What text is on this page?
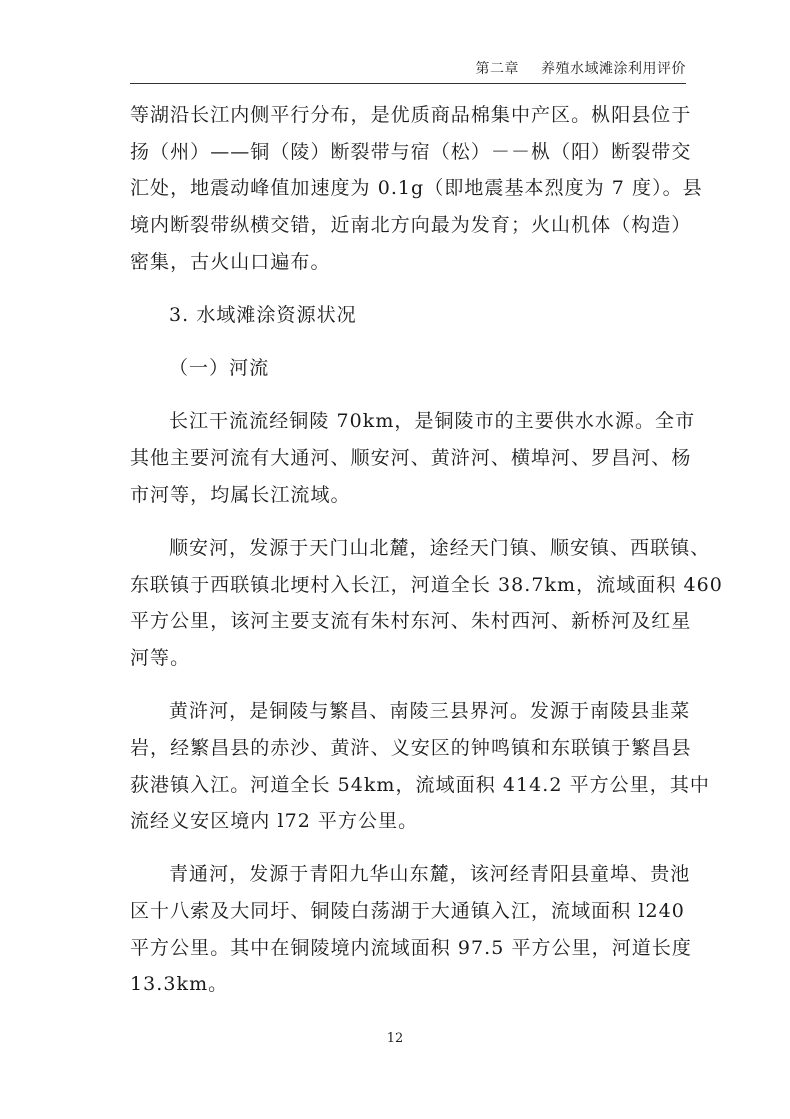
第二章 养殖水域滩涂利用评价
等湖沿长江内侧平行分布，是优质商品棉集中产区。枞阳县位于
扬（州）——铜（陵）断裂带与宿（松）－－枞（阳）断裂带交
汇处，地震动峰值加速度为 0.1g（即地震基本烈度为 7 度）。县
境内断裂带纵横交错，近南北方向最为发育；火山机体（构造）
密集，古火山口遍布。
3. 水域滩涂资源状况
（一）河流
长江干流流经铜陵 70km，是铜陵市的主要供水水源。全市
其他主要河流有大通河、顺安河、黄浒河、横埠河、罗昌河、杨
市河等，均属长江流域。
顺安河，发源于天门山北麓，途经天门镇、顺安镇、西联镇、
东联镇于西联镇北埂村入长江，河道全长 38.7km，流域面积 460
平方公里，该河主要支流有朱村东河、朱村西河、新桥河及红星
河等。
黄浒河，是铜陵与繁昌、南陵三县界河。发源于南陵县韭菜
岩，经繁昌县的赤沙、黄浒、义安区的钟鸣镇和东联镇于繁昌县
荻港镇入江。河道全长 54km，流域面积 414.2 平方公里，其中
流经义安区境内 l72 平方公里。
青通河，发源于青阳九华山东麓，该河经青阳县童埠、贵池
区十八索及大同圩、铜陵白荡湖于大通镇入江，流域面积 l240
平方公里。其中在铜陵境内流域面积 97.5 平方公里，河道长度
13.3km。
12
